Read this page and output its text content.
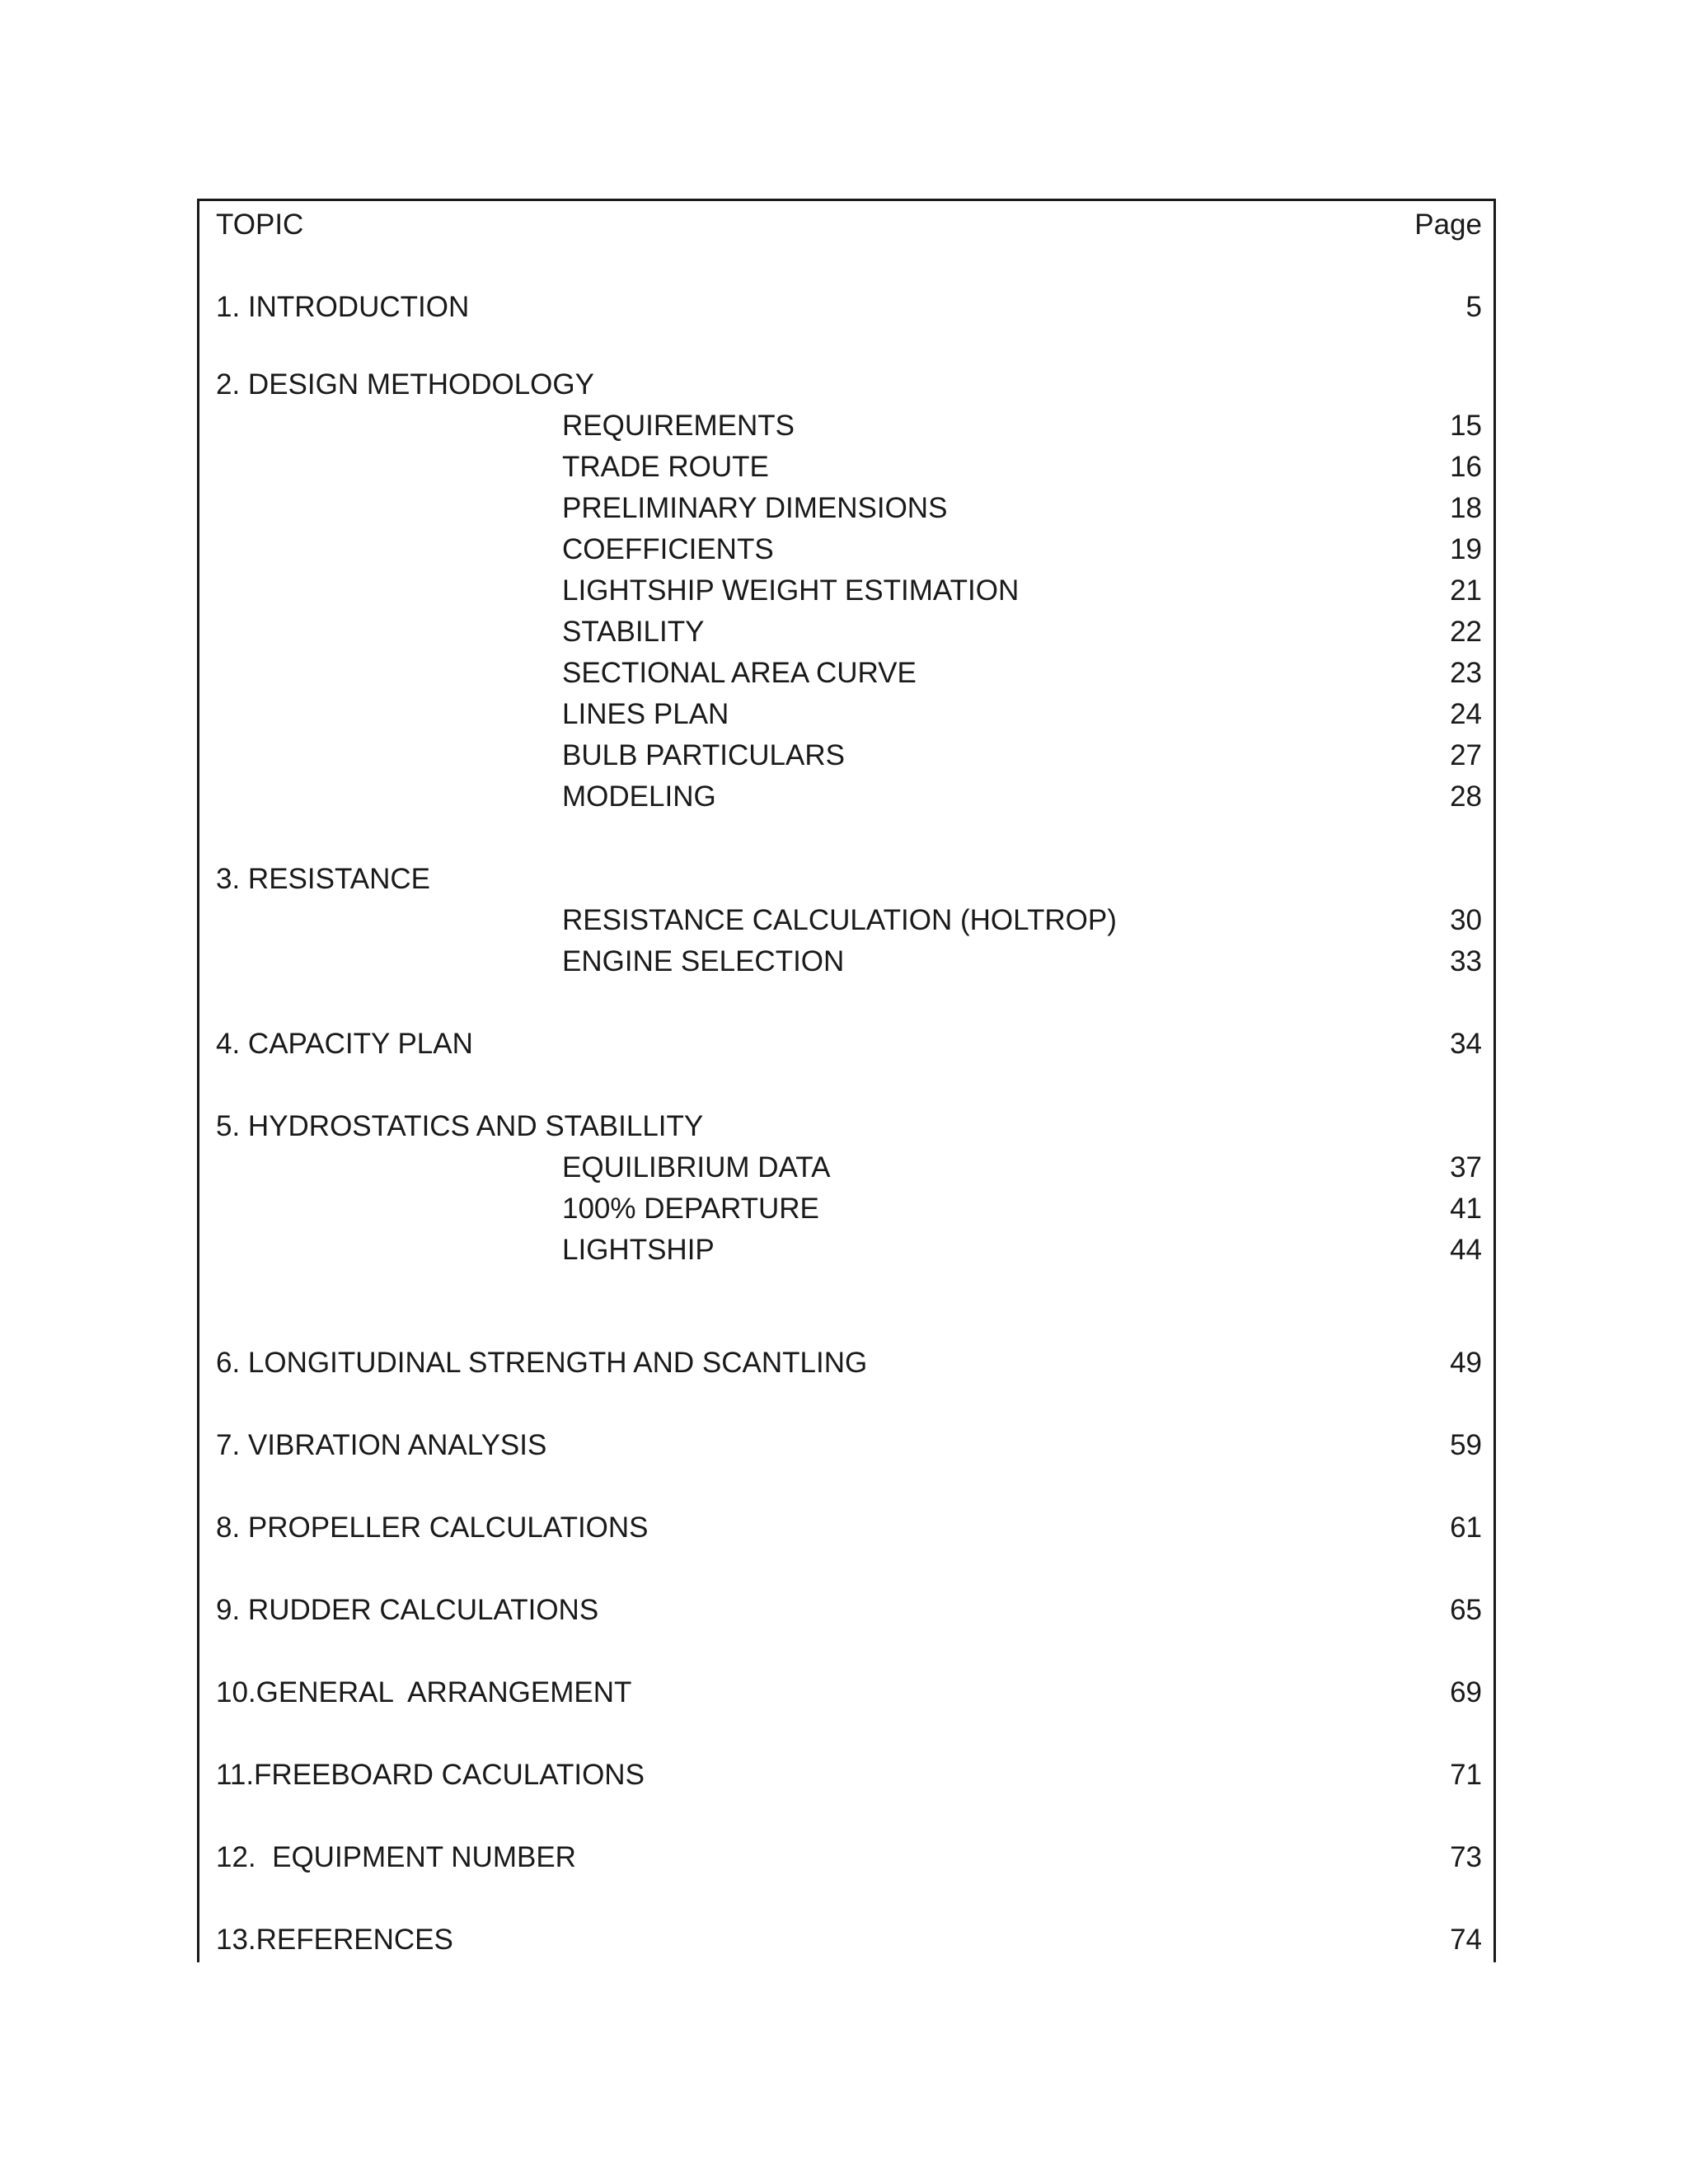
TOPIC	Page
1. INTRODUCTION	5
2. DESIGN METHODOLOGY
REQUIREMENTS	15
TRADE ROUTE	16
PRELIMINARY DIMENSIONS	18
COEFFICIENTS	19
LIGHTSHIP WEIGHT ESTIMATION	21
STABILITY	22
SECTIONAL AREA CURVE	23
LINES PLAN	24
BULB PARTICULARS	27
MODELING	28
3. RESISTANCE
RESISTANCE CALCULATION (HOLTROP)	30
ENGINE SELECTION	33
4. CAPACITY PLAN	34
5. HYDROSTATICS AND STABILLITY
EQUILIBRIUM DATA	37
100% DEPARTURE	41
LIGHTSHIP	44
6. LONGITUDINAL STRENGTH AND SCANTLING	49
7. VIBRATION ANALYSIS	59
8. PROPELLER CALCULATIONS	61
9. RUDDER CALCULATIONS	65
10.GENERAL  ARRANGEMENT	69
11.FREEBOARD CACULATIONS	71
12.  EQUIPMENT NUMBER	73
13.REFERENCES	74
